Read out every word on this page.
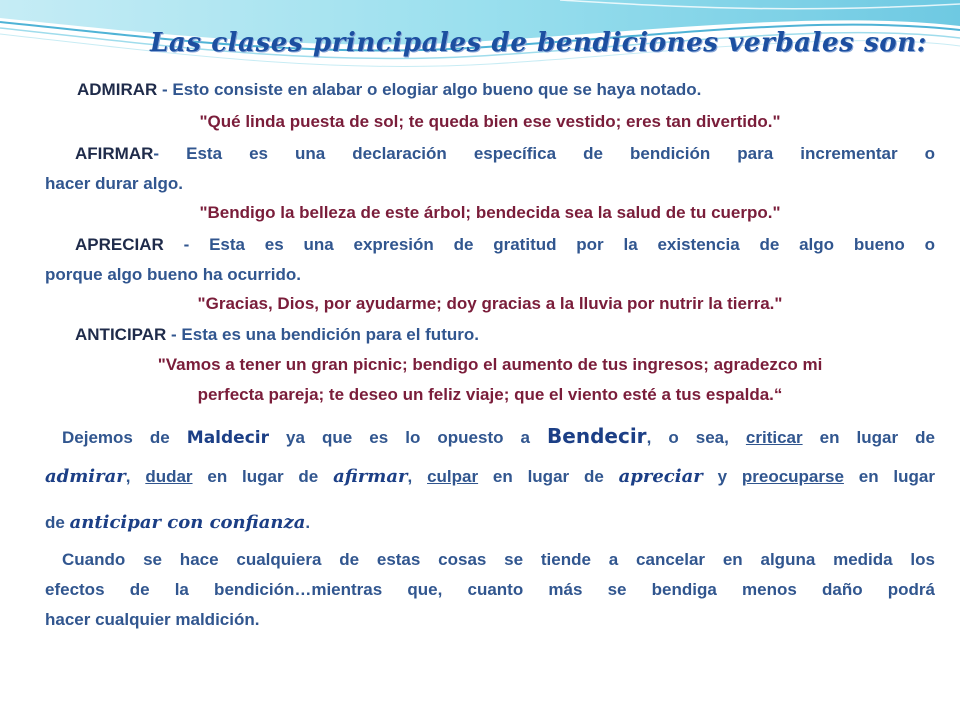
Las clases principales de bendiciones verbales son:
ADMIRAR - Esto consiste en alabar o elogiar algo bueno que se haya notado.
"Qué linda puesta de sol; te queda bien ese vestido; eres tan divertido."
AFIRMAR- Esta es una declaración específica de bendición para incrementar o
hacer durar algo.
"Bendigo la belleza de este árbol; bendecida sea la salud de tu cuerpo."
APRECIAR - Esta es una expresión de gratitud por la existencia de algo bueno o
porque algo bueno ha ocurrido.
"Gracias, Dios, por ayudarme; doy gracias a la lluvia por nutrir la tierra."
ANTICIPAR - Esta es una bendición para el futuro.
"Vamos a tener un gran picnic; bendigo el aumento de tus ingresos; agradezco mi
perfecta pareja; te deseo un feliz viaje; que el viento esté a tus espalda.“
Dejemos de Maldecir ya que es lo opuesto a Bendecir, o sea, criticar en lugar de
admirar, dudar en lugar de afirmar, culpar en lugar de apreciar y preocuparse en lugar
de anticipar con confianza.
Cuando se hace cualquiera de estas cosas se tiende a cancelar en alguna medida los
efectos de la bendición…mientras que, cuanto más se bendiga menos daño podrá
hacer cualquier maldición.
